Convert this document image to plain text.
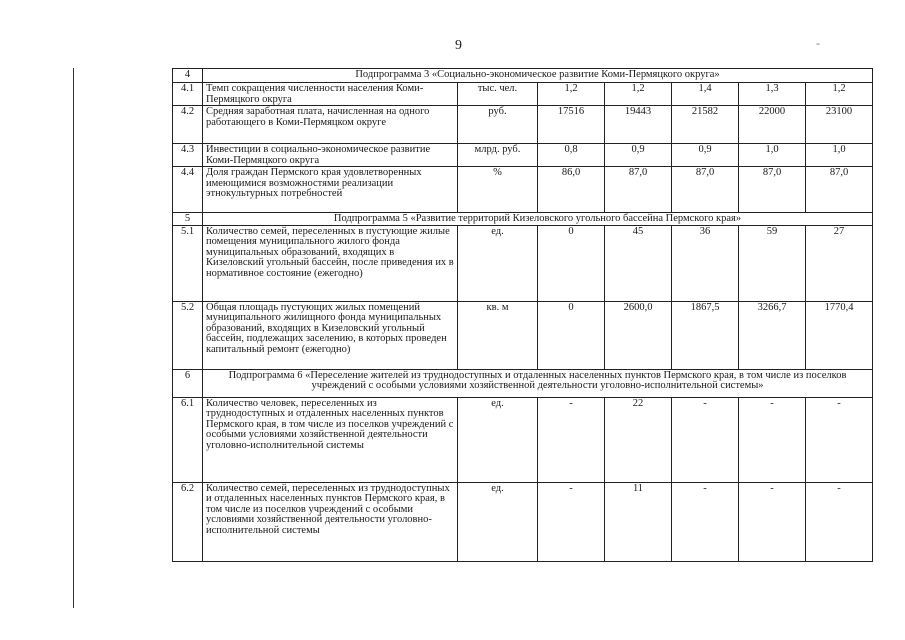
9	-
4	Подпрограмма 3 «Социально-экономическое развитие Коми-Пермяцкого округа»						
4.1	Темп сокращения численности населения Коми-Пермяцкого округа	тыс. чел.	1,2	1,2	1,4	1,3	1,2
4.2	Средняя заработная плата, начисленная на одного работающего в Коми-Пермяцком округе	руб.	17516	19443	21582	22000	23100
4.3	Инвестиции в социально-экономическое развитие Коми-Пермяцкого округа	млрд. руб.	0,8	0,9	0,9	1,0	1,0
4.4	Доля граждан Пермского края удовлетворенных имеющимися возможностями реализации этнокультурных потребностей	%	86,0	87,0	87,0	87,0	87,0
5	Подпрограмма 5 «Развитие территорий Кизеловского угольного бассейна Пермского края»						
5.1	Количество семей, переселенных в пустующие жилые помещения муниципального жилого фонда муниципальных образований, входящих в Кизеловский угольный бассейн, после приведения их в нормативное состояние (ежегодно)	ед.	0	45	36	59	27
5.2	Общая площадь пустующих жилых помещений муниципального жилищного фонда муниципальных образований, входящих в Кизеловский угольный бассейн, подлежащих заселению, в которых проведен капитальный ремонт (ежегодно)	кв. м	0	2600,0	1867,5	3266,7	1770,4
6	Подпрограмма 6 «Переселение жителей из труднодоступных и отдаленных населенных пунктов Пермского края, в том числе из поселков учреждений с особыми условиями хозяйственной деятельности уголовно-исполнительной системы»						
6.1	Количество человек, переселенных из труднодоступных и отдаленных населенных пунктов Пермского края, в том числе из поселков учреждений с особыми условиями хозяйственной деятельности уголовно-исполнительной системы	ед.	-	22	-	-	-
6.2	Количество семей, переселенных из труднодоступных и отдаленных населенных пунктов Пермского края, в том числе из поселков учреждений с особыми условиями хозяйственной деятельности уголовно-исполнительной системы	ед.	-	11	-	-	-
